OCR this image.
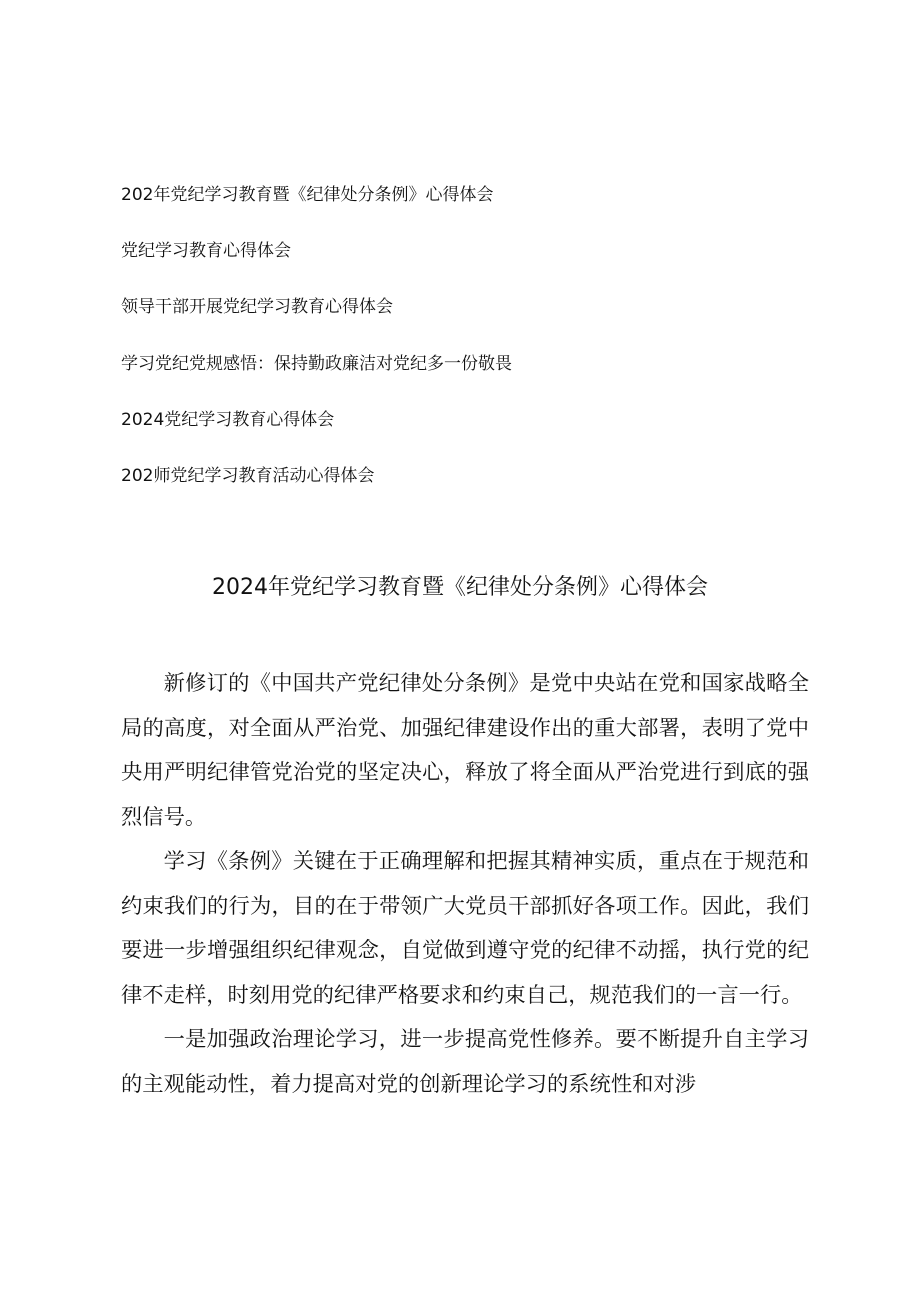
202年党纪学习教育暨《纪律处分条例》心得体会
党纪学习教育心得体会
领导干部开展党纪学习教育心得体会
学习党纪党规感悟：保持勤政廉洁对党纪多一份敬畏
2024党纪学习教育心得体会
202师党纪学习教育活动心得体会
2024年党纪学习教育暨《纪律处分条例》心得体会

新修订的《中国共产党纪律处分条例》是党中央站在党和国家战略全局的高度，对全面从严治党、加强纪律建设作出的重大部署，表明了党中央用严明纪律管党治党的坚定决心，释放了将全面从严治党进行到底的强烈信号。

学习《条例》关键在于正确理解和把握其精神实质，重点在于规范和约束我们的行为，目的在于带领广大党员干部抓好各项工作。因此，我们要进一步增强组织纪律观念，自觉做到遵守党的纪律不动摇，执行党的纪律不走样，时刻用党的纪律严格要求和约束自己，规范我们的一言一行。

一是加强政治理论学习，进一步提高党性修养。要不断提升自主学习的主观能动性，着力提高对党的创新理论学习的系统性和对涉
